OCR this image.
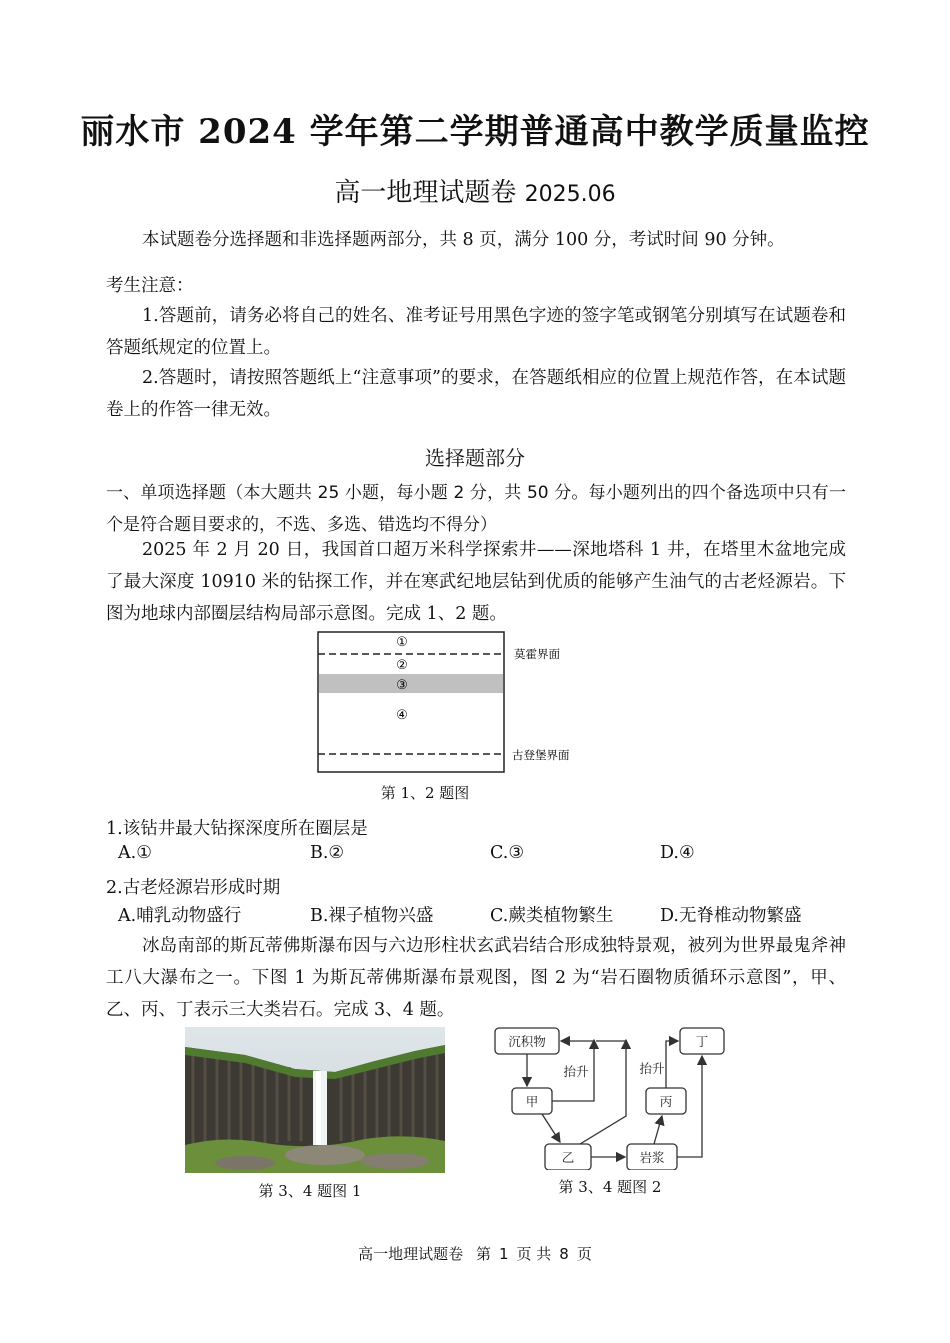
丽水市 2024 学年第二学期普通高中教学质量监控
高一地理试题卷 2025.06
本试题卷分选择题和非选择题两部分，共 8 页，满分 100 分，考试时间 90 分钟。
考生注意：
1.答题前，请务必将自己的姓名、准考证号用黑色字迹的签字笔或钢笔分别填写在试题卷和答题纸规定的位置上。
2.答题时，请按照答题纸上“注意事项”的要求，在答题纸相应的位置上规范作答，在本试题卷上的作答一律无效。
选择题部分
一、单项选择题（本大题共 25 小题，每小题 2 分，共 50 分。每小题列出的四个备选项中只有一个是符合题目要求的，不选、多选、错选均不得分）
2025 年 2 月 20 日，我国首口超万米科学探索井——深地塔科 1 井，在塔里木盆地完成了最大深度 10910 米的钻探工作，并在寒武纪地层钻到优质的能够产生油气的古老烃源岩。下图为地球内部圈层结构局部示意图。完成 1、2 题。
①
②
③
④
莫霍界面
古登堡界面
第 1、2 题图
1.该钻井最大钻探深度所在圈层是
A.①	B.②	C.③	D.④
2.古老烃源岩形成时期
A.哺乳动物盛行	B.裸子植物兴盛	C.蕨类植物繁生	D.无脊椎动物繁盛
冰岛南部的斯瓦蒂佛斯瀑布因与六边形柱状玄武岩结合形成独特景观，被列为世界最鬼斧神工八大瀑布之一。下图 1 为斯瓦蒂佛斯瀑布景观图，图 2 为“岩石圈物质循环示意图”，甲、乙、丙、丁表示三大类岩石。完成 3、4 题。
第 3、4 题图 1
沉积物
甲
乙	岩浆
丙
丁
抬升	抬升
第 3、4 题图 2
高一地理试题卷 第 1 页 共 8 页
